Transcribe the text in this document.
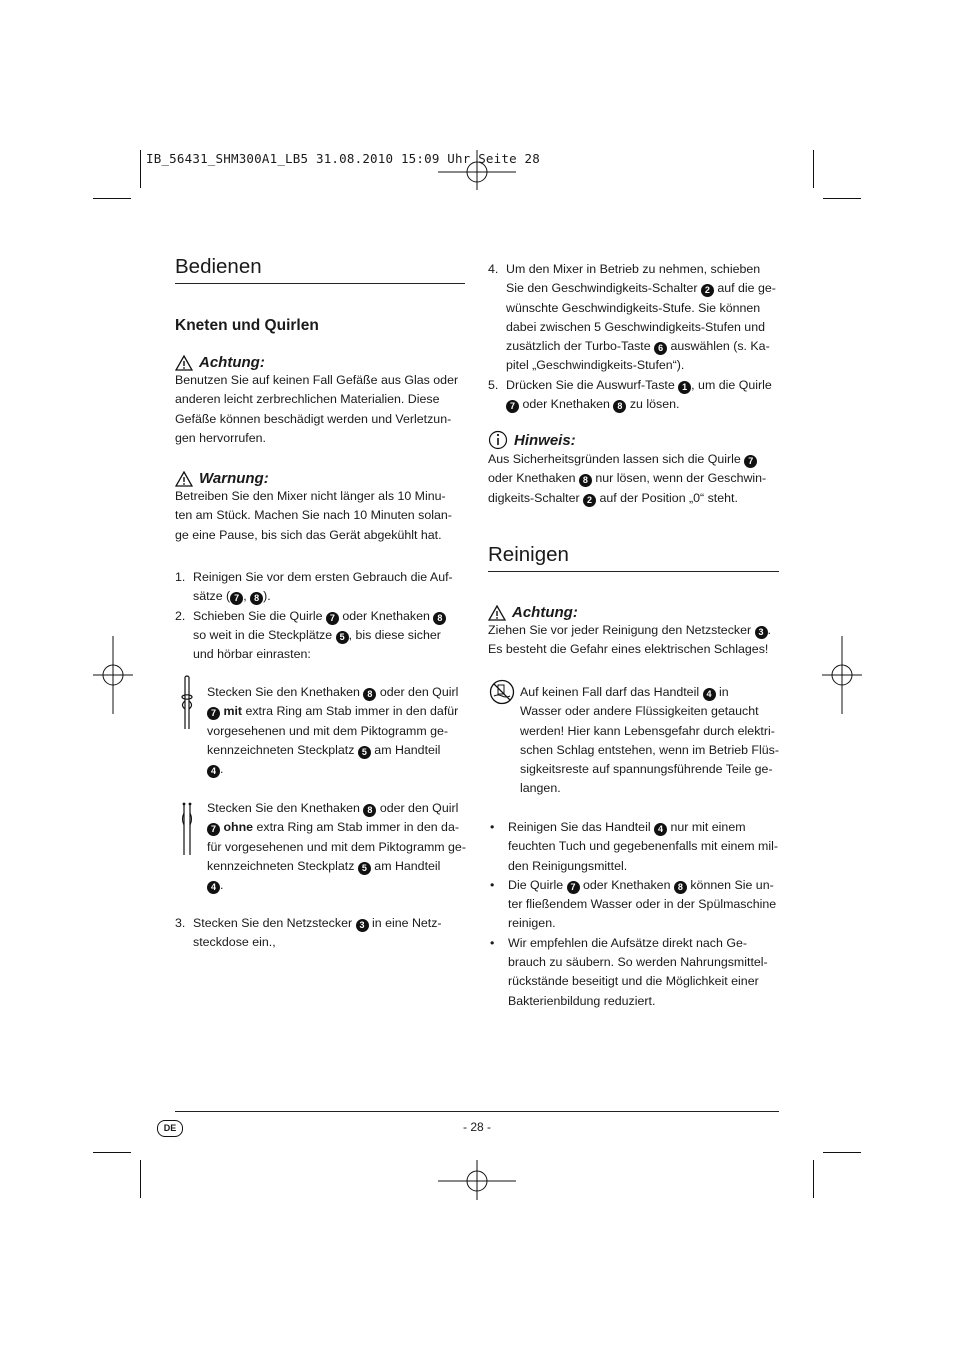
IB_56431_SHM300A1_LB5 31.08.2010 15:09 Uhr Seite 28
Bedienen
Kneten und Quirlen
Achtung:
Benutzen Sie auf keinen Fall Gefäße aus Glas oder
anderen leicht zerbrechlichen Materialien. Diese
Gefäße können beschädigt werden und Verletzun-
gen hervorrufen.
Warnung:
Betreiben Sie den Mixer nicht länger als 10 Minu-
ten am Stück. Machen Sie nach 10 Minuten solan-
ge eine Pause, bis sich das Gerät abgekühlt hat.
1. Reinigen Sie vor dem ersten Gebrauch die Auf-
sätze ( 7 , 8 ).
2. Schieben Sie die Quirle 7 oder Knethaken 8
so weit in die Steckplätze 5 , bis diese sicher
und hörbar einrasten:
Stecken Sie den Knethaken 8 oder den Quirl
7 mit extra Ring am Stab immer in den dafür
vorgesehenen und mit dem Piktogramm ge-
kennzeichneten Steckplatz 5 am Handteil
4 .
Stecken Sie den Knethaken 8 oder den Quirl
7 ohne extra Ring am Stab immer in den da-
für vorgesehenen und mit dem Piktogramm ge-
kennzeichneten Steckplatz 5 am Handteil
4 .
3. Stecken Sie den Netzstecker 3 in eine Netz-
steckdose ein.,
4. Um den Mixer in Betrieb zu nehmen, schieben
Sie den Geschwindigkeits-Schalter 2 auf die ge-
wünschte Geschwindigkeits-Stufe. Sie können
dabei zwischen 5 Geschwindigkeits-Stufen und
zusätzlich der Turbo-Taste 6 auswählen (s. Ka-
pitel „Geschwindigkeits-Stufen“).
5. Drücken Sie die Auswurf-Taste 1 , um die Quirle
7 oder Knethaken 8 zu lösen.
Hinweis:
Aus Sicherheitsgründen lassen sich die Quirle 7
oder Knethaken 8 nur lösen, wenn der Geschwin-
digkeits-Schalter 2 auf der Position „0“ steht.
Reinigen
Achtung:
Ziehen Sie vor jeder Reinigung den Netzstecker 3 .
Es besteht die Gefahr eines elektrischen Schlages!
Auf keinen Fall darf das Handteil 4 in
Wasser oder andere Flüssigkeiten getaucht
werden! Hier kann Lebensgefahr durch elektri-
schen Schlag entstehen, wenn im Betrieb Flüs-
sigkeitsreste auf spannungsführende Teile ge-
langen.
•	Reinigen Sie das Handteil 4 nur mit einem
feuchten Tuch und gegebenenfalls mit einem mil-
den Reinigungsmittel.
•	Die Quirle 7 oder Knethaken 8 können Sie un-
ter fließendem Wasser oder in der Spülmaschine
reinigen.
•	Wir empfehlen die Aufsätze direkt nach Ge-
brauch zu säubern. So werden Nahrungsmittel-
rückstände beseitigt und die Möglichkeit einer
Bakterienbildung reduziert.
DE	- 28 -
